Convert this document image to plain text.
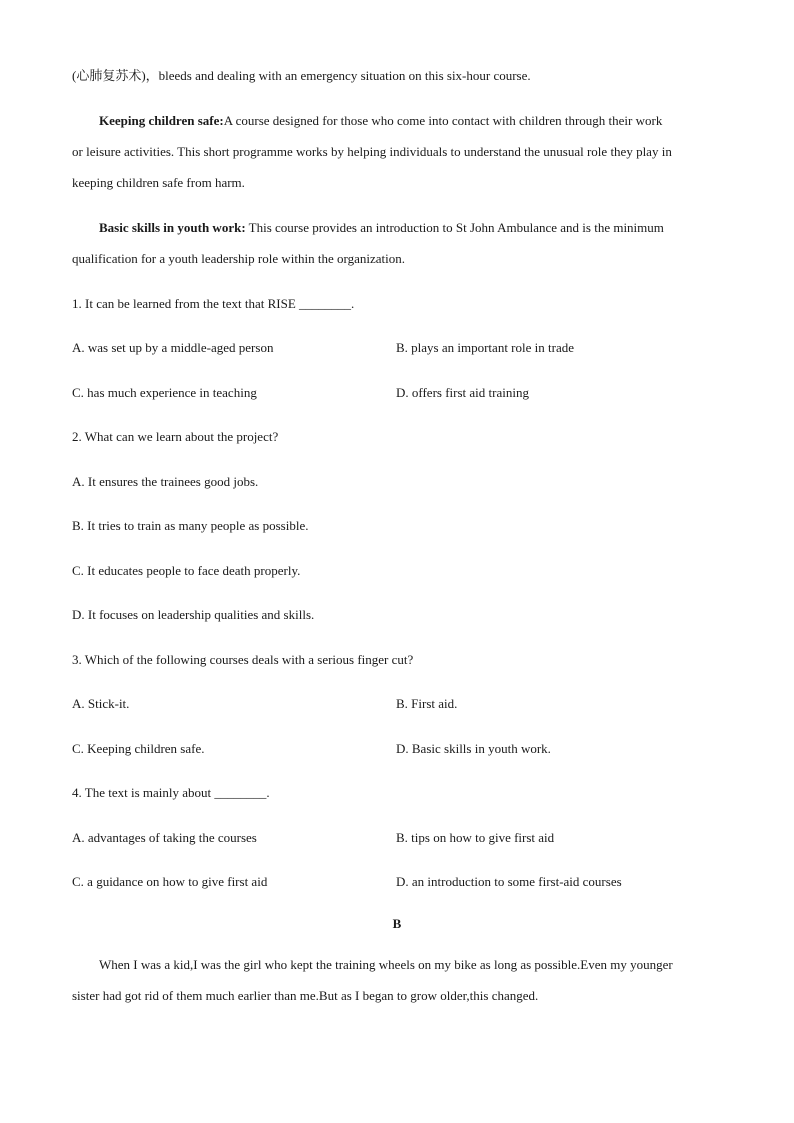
(心肺复苏术)，bleeds and dealing with an emergency situation on this six-hour course.
Keeping children safe:A course designed for those who come into contact with children through their work
or leisure activities. This short programme works by helping individuals to understand the unusual role they play in
keeping children safe from harm.
Basic skills in youth work: This course provides an introduction to St John Ambulance and is the minimum
qualification for a youth leadership role within the organization.
1. It can be learned from the text that RISE ________.
A. was set up by a middle-aged person	B. plays an important role in trade
C. has much experience in teaching	D. offers first aid training
2. What can we learn about the project?
A. It ensures the trainees good jobs.
B. It tries to train as many people as possible.
C. It educates people to face death properly.
D. It focuses on leadership qualities and skills.
3. Which of the following courses deals with a serious finger cut?
A. Stick-it.	B. First aid.
C. Keeping children safe.	D. Basic skills in youth work.
4. The text is mainly about ________.
A. advantages of taking the courses	B. tips on how to give first aid
C. a guidance on how to give first aid	D. an introduction to some first-aid courses
B
When I was a kid,I was the girl who kept the training wheels on my bike as long as possible.Even my younger
sister had got rid of them much earlier than me.But as I began to grow older,this changed.
